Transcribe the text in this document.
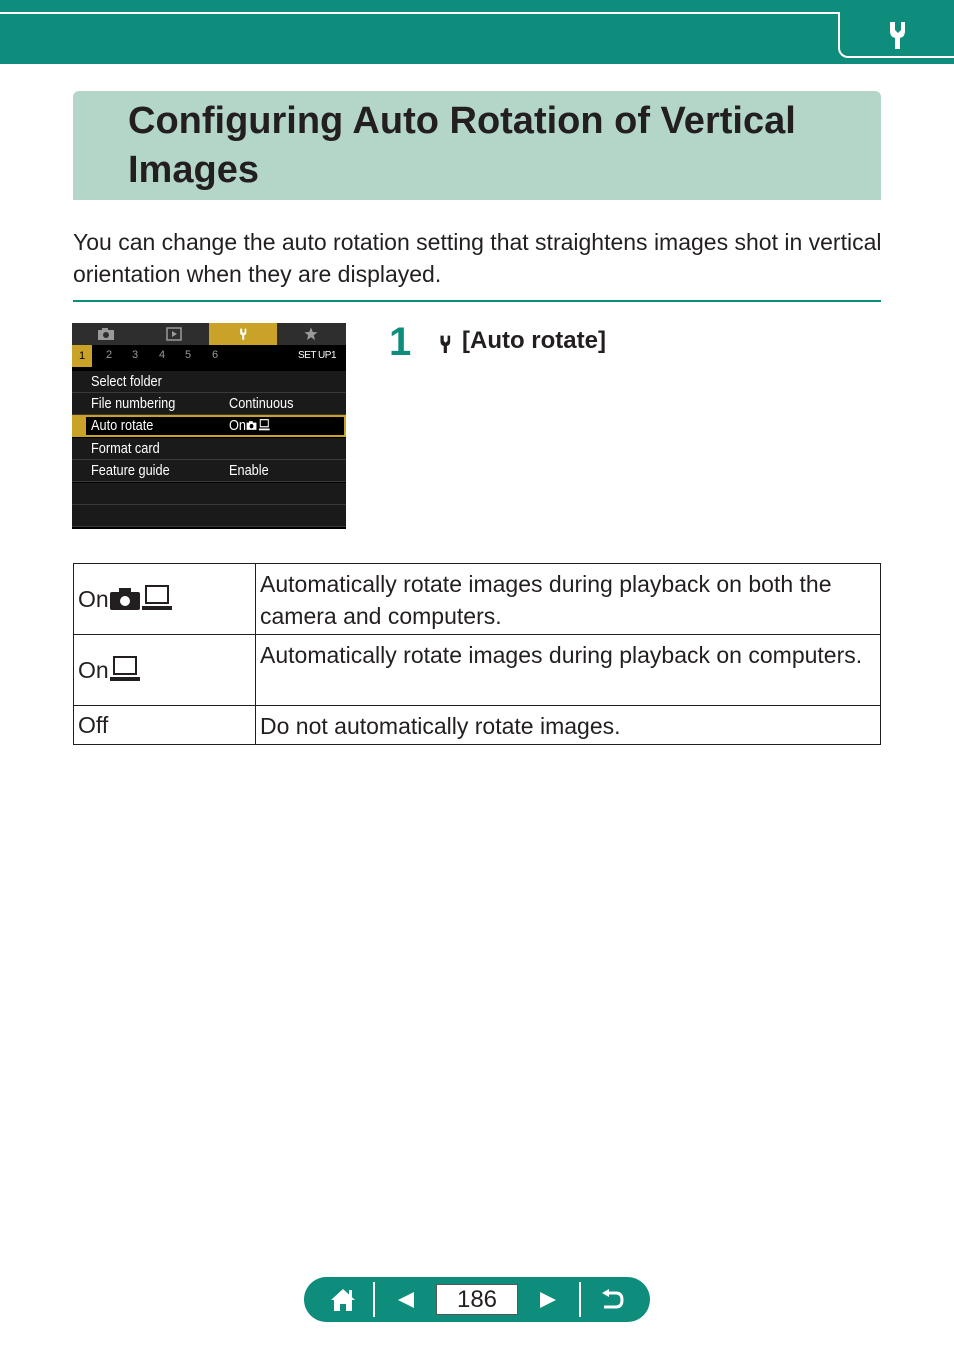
Configuring Auto Rotation of Vertical Images

You can change the auto rotation setting that straightens images shot in vertical orientation when they are displayed.

1	2 3 4 5 6	SET UP1
Select folder
File numbering	Continuous
Auto rotate	On
Format card
Feature guide	Enable
1 [Auto rotate]
On	Automatically rotate images during playback on both the camera and computers.
On	Automatically rotate images during playback on computers.
Off	Do not automatically rotate images.
186
